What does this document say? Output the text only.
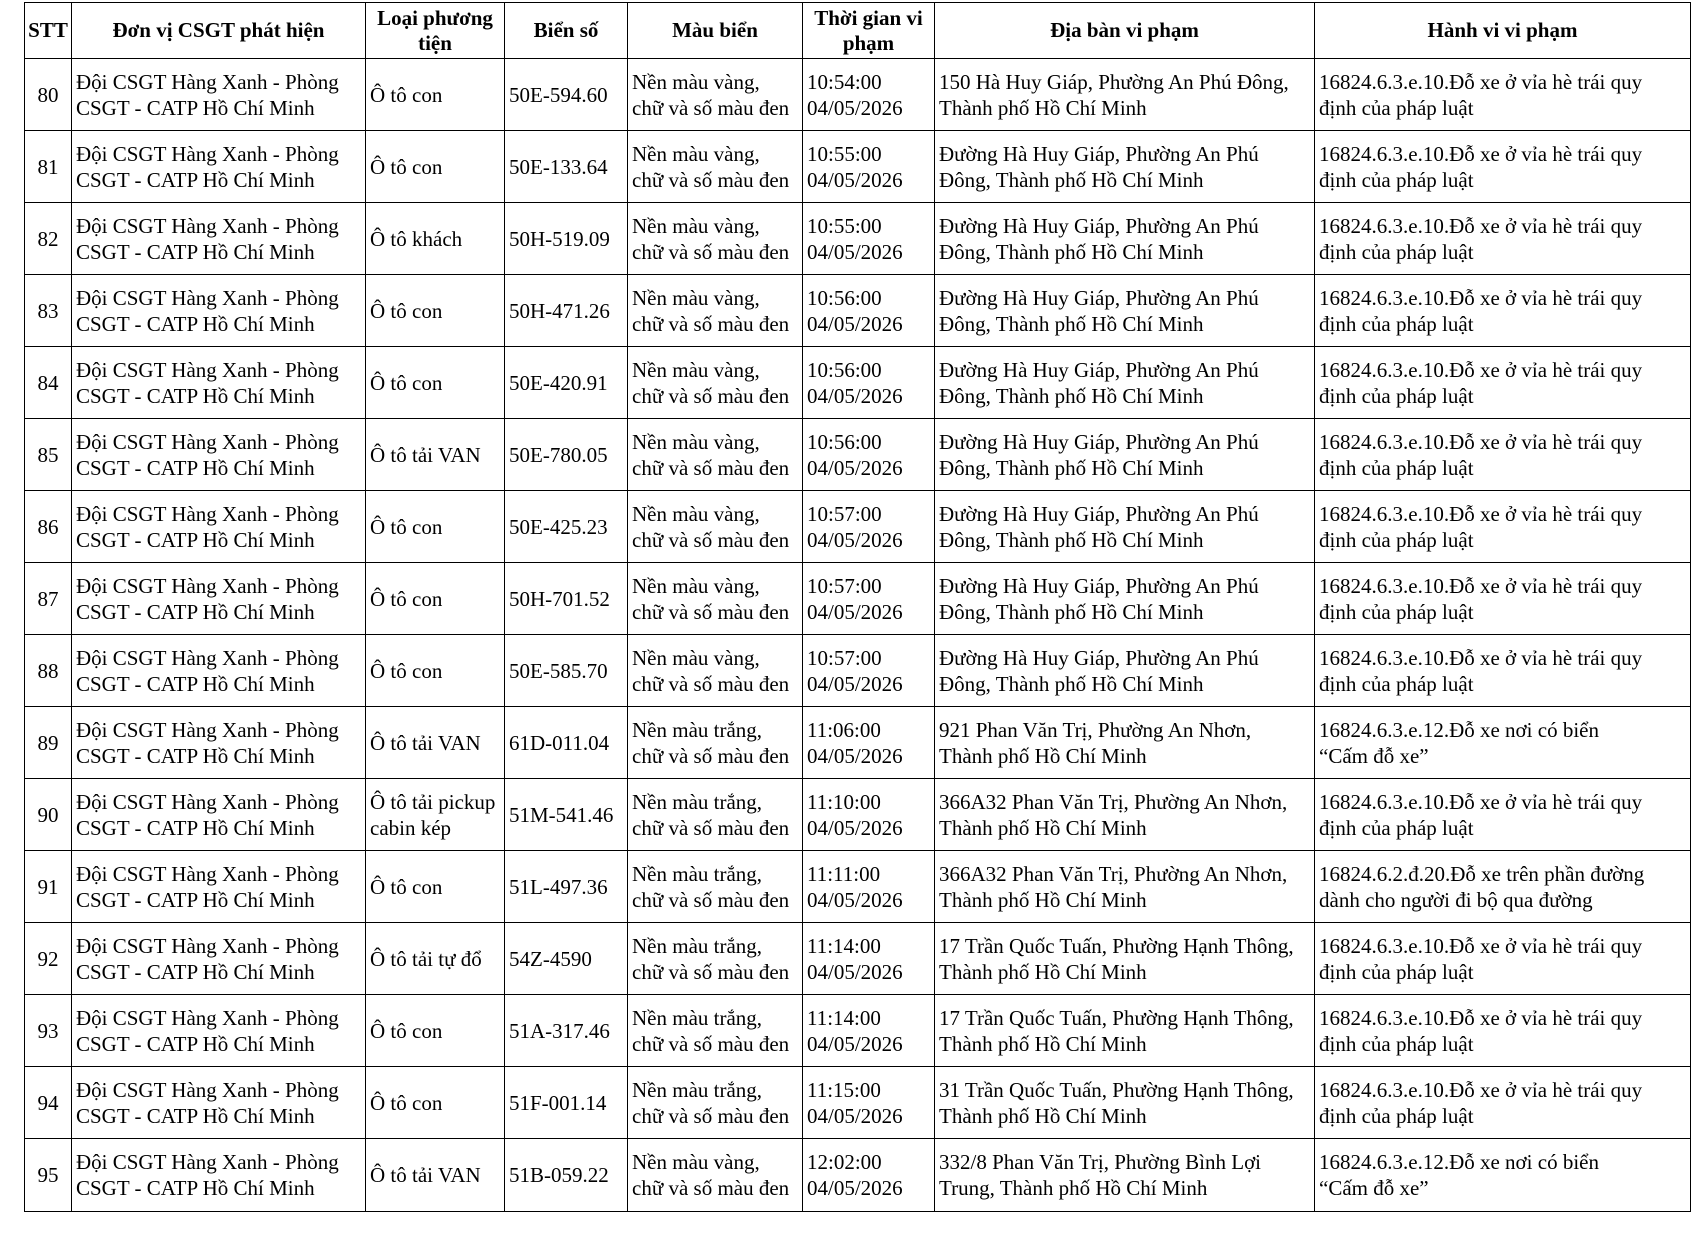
STT	Đơn vị CSGT phát hiện	Loại phương tiện	Biển số	Màu biển	Thời gian vi phạm	Địa bàn vi phạm	Hành vi vi phạm
80	Đội CSGT Hàng Xanh - Phòng
CSGT - CATP Hồ Chí Minh	Ô tô con	50E-594.60	Nền màu vàng,
chữ và số màu đen	10:54:00
04/05/2026	150 Hà Huy Giáp, Phường An Phú Đông,
Thành phố Hồ Chí Minh	16824.6.3.e.10.Đỗ xe ở vỉa hè trái quy
định của pháp luật
81	Đội CSGT Hàng Xanh - Phòng
CSGT - CATP Hồ Chí Minh	Ô tô con	50E-133.64	Nền màu vàng,
chữ và số màu đen	10:55:00
04/05/2026	Đường Hà Huy Giáp, Phường An Phú
Đông, Thành phố Hồ Chí Minh	16824.6.3.e.10.Đỗ xe ở vỉa hè trái quy
định của pháp luật
82	Đội CSGT Hàng Xanh - Phòng
CSGT - CATP Hồ Chí Minh	Ô tô khách	50H-519.09	Nền màu vàng,
chữ và số màu đen	10:55:00
04/05/2026	Đường Hà Huy Giáp, Phường An Phú
Đông, Thành phố Hồ Chí Minh	16824.6.3.e.10.Đỗ xe ở vỉa hè trái quy
định của pháp luật
83	Đội CSGT Hàng Xanh - Phòng
CSGT - CATP Hồ Chí Minh	Ô tô con	50H-471.26	Nền màu vàng,
chữ và số màu đen	10:56:00
04/05/2026	Đường Hà Huy Giáp, Phường An Phú
Đông, Thành phố Hồ Chí Minh	16824.6.3.e.10.Đỗ xe ở vỉa hè trái quy
định của pháp luật
84	Đội CSGT Hàng Xanh - Phòng
CSGT - CATP Hồ Chí Minh	Ô tô con	50E-420.91	Nền màu vàng,
chữ và số màu đen	10:56:00
04/05/2026	Đường Hà Huy Giáp, Phường An Phú
Đông, Thành phố Hồ Chí Minh	16824.6.3.e.10.Đỗ xe ở vỉa hè trái quy
định của pháp luật
85	Đội CSGT Hàng Xanh - Phòng
CSGT - CATP Hồ Chí Minh	Ô tô tải VAN	50E-780.05	Nền màu vàng,
chữ và số màu đen	10:56:00
04/05/2026	Đường Hà Huy Giáp, Phường An Phú
Đông, Thành phố Hồ Chí Minh	16824.6.3.e.10.Đỗ xe ở vỉa hè trái quy
định của pháp luật
86	Đội CSGT Hàng Xanh - Phòng
CSGT - CATP Hồ Chí Minh	Ô tô con	50E-425.23	Nền màu vàng,
chữ và số màu đen	10:57:00
04/05/2026	Đường Hà Huy Giáp, Phường An Phú
Đông, Thành phố Hồ Chí Minh	16824.6.3.e.10.Đỗ xe ở vỉa hè trái quy
định của pháp luật
87	Đội CSGT Hàng Xanh - Phòng
CSGT - CATP Hồ Chí Minh	Ô tô con	50H-701.52	Nền màu vàng,
chữ và số màu đen	10:57:00
04/05/2026	Đường Hà Huy Giáp, Phường An Phú
Đông, Thành phố Hồ Chí Minh	16824.6.3.e.10.Đỗ xe ở vỉa hè trái quy
định của pháp luật
88	Đội CSGT Hàng Xanh - Phòng
CSGT - CATP Hồ Chí Minh	Ô tô con	50E-585.70	Nền màu vàng,
chữ và số màu đen	10:57:00
04/05/2026	Đường Hà Huy Giáp, Phường An Phú
Đông, Thành phố Hồ Chí Minh	16824.6.3.e.10.Đỗ xe ở vỉa hè trái quy
định của pháp luật
89	Đội CSGT Hàng Xanh - Phòng
CSGT - CATP Hồ Chí Minh	Ô tô tải VAN	61D-011.04	Nền màu trắng,
chữ và số màu đen	11:06:00
04/05/2026	921 Phan Văn Trị, Phường An Nhơn,
Thành phố Hồ Chí Minh	16824.6.3.e.12.Đỗ xe nơi có biển
“Cấm đỗ xe”
90	Đội CSGT Hàng Xanh - Phòng
CSGT - CATP Hồ Chí Minh	Ô tô tải pickup
cabin kép	51M-541.46	Nền màu trắng,
chữ và số màu đen	11:10:00
04/05/2026	366A32 Phan Văn Trị, Phường An Nhơn,
Thành phố Hồ Chí Minh	16824.6.3.e.10.Đỗ xe ở vỉa hè trái quy
định của pháp luật
91	Đội CSGT Hàng Xanh - Phòng
CSGT - CATP Hồ Chí Minh	Ô tô con	51L-497.36	Nền màu trắng,
chữ và số màu đen	11:11:00
04/05/2026	366A32 Phan Văn Trị, Phường An Nhơn,
Thành phố Hồ Chí Minh	16824.6.2.đ.20.Đỗ xe trên phần đường
dành cho người đi bộ qua đường
92	Đội CSGT Hàng Xanh - Phòng
CSGT - CATP Hồ Chí Minh	Ô tô tải tự đổ	54Z-4590	Nền màu trắng,
chữ và số màu đen	11:14:00
04/05/2026	17 Trần Quốc Tuấn, Phường Hạnh Thông,
Thành phố Hồ Chí Minh	16824.6.3.e.10.Đỗ xe ở vỉa hè trái quy
định của pháp luật
93	Đội CSGT Hàng Xanh - Phòng
CSGT - CATP Hồ Chí Minh	Ô tô con	51A-317.46	Nền màu trắng,
chữ và số màu đen	11:14:00
04/05/2026	17 Trần Quốc Tuấn, Phường Hạnh Thông,
Thành phố Hồ Chí Minh	16824.6.3.e.10.Đỗ xe ở vỉa hè trái quy
định của pháp luật
94	Đội CSGT Hàng Xanh - Phòng
CSGT - CATP Hồ Chí Minh	Ô tô con	51F-001.14	Nền màu trắng,
chữ và số màu đen	11:15:00
04/05/2026	31 Trần Quốc Tuấn, Phường Hạnh Thông,
Thành phố Hồ Chí Minh	16824.6.3.e.10.Đỗ xe ở vỉa hè trái quy
định của pháp luật
95	Đội CSGT Hàng Xanh - Phòng
CSGT - CATP Hồ Chí Minh	Ô tô tải VAN	51B-059.22	Nền màu vàng,
chữ và số màu đen	12:02:00
04/05/2026	332/8 Phan Văn Trị, Phường Bình Lợi
Trung, Thành phố Hồ Chí Minh	16824.6.3.e.12.Đỗ xe nơi có biển
“Cấm đỗ xe”
